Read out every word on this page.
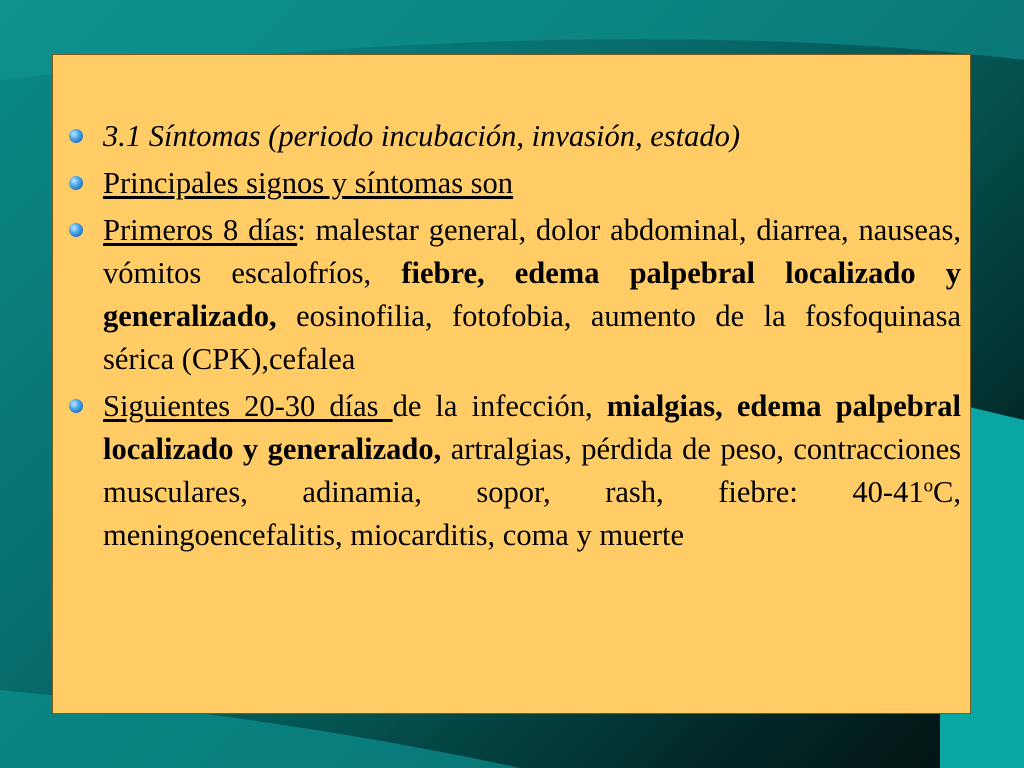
3.1 Síntomas (periodo incubación, invasión, estado)
Principales signos y síntomas son
Primeros 8 días: malestar general, dolor abdominal, diarrea, nauseas, vómitos escalofríos, fiebre, edema palpebral localizado y generalizado, eosinofilia, fotofobia, aumento de la fosfoquinasa sérica (CPK),cefalea
Siguientes 20-30 días de la infección, mialgias, edema palpebral localizado y generalizado, artralgias, pérdida de peso, contracciones musculares, adinamia, sopor, rash, fiebre: 40-41$^o$C, meningoencefalitis, miocarditis, coma y muerte
